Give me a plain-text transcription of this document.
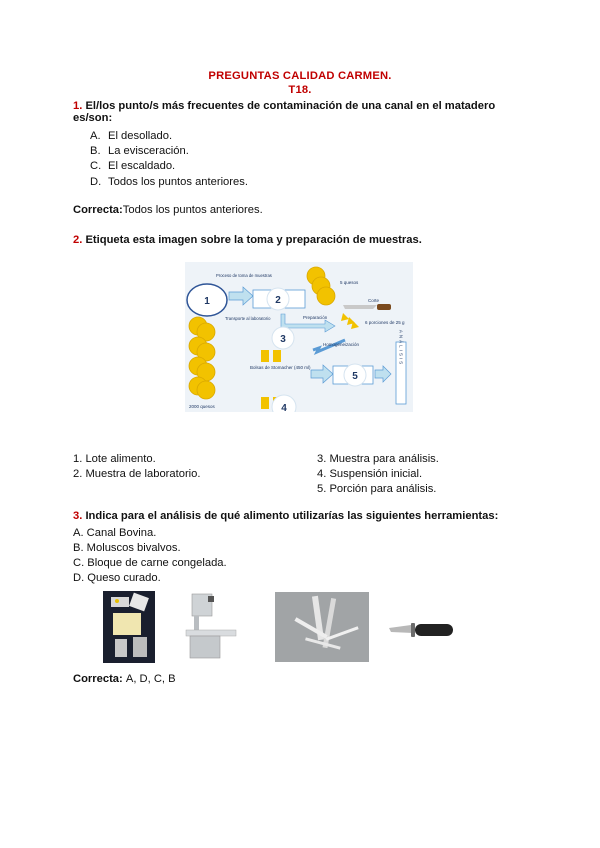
PREGUNTAS CALIDAD CARMEN.
T18.
1. El/los punto/s más frecuentes de contaminación de una canal en el matadero
es/son:
A. El desollado.
B. La evisceración.
C. El escaldado.
D. Todos los puntos anteriores.
Correcta:Todos los puntos anteriores.
2. Etiqueta esta imagen sobre la toma y preparación de muestras.
1
Proceso de toma de muestras
Transporte al laboratorio
2
5 quesos
Corte
6 porciones de 25 g
Preparación
3	Homogeneización
Bolsas de Stomacher (450 ml)
4
5
ANÁLISIS
2000 quesos
1. Lote alimento.
2. Muestra de laboratorio.
3. Muestra para análisis.
4. Suspensión inicial.
5. Porción para análisis.
3. Indica para el análisis de qué alimento utilizarías las siguientes herramientas:
A. Canal Bovina.
B. Moluscos bivalvos.
C. Bloque de carne congelada.
D. Queso curado.
Correcta: A, D, C, B
